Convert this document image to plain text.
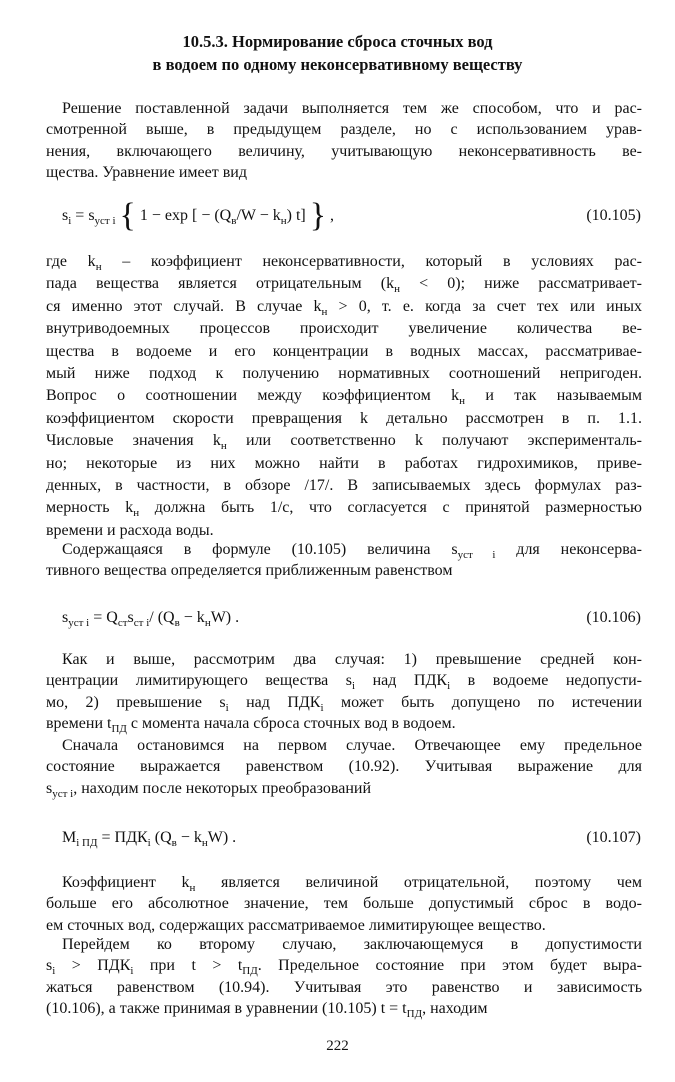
10.5.3. Нормирование сброса сточных вод
в водоем по одному неконсервативному веществу
Решение поставленной задачи выполняется тем же способом, что и рас-
смотренной выше, в предыдущем разделе, но с использованием урав-
нения, включающего величину, учитывающую неконсервативность ве-
щества. Уравнение имеет вид
$s_i = s_{уст i}$ { 1 − exp [ − $(Q_в/W - k_н)$ t] } ,	(10.105)
где $k_н$ – коэффициент неконсервативности, который в условиях рас-
пада вещества является отрицательным $(k_н < 0)$; ниже рассматривает-
ся именно этот случай. В случае $k_н > 0$, т. е. когда за счет тех или иных
внутриводоемных процессов происходит увеличение количества ве-
щества в водоеме и его концентрации в водных массах, рассматривае-
мый ниже подход к получению нормативных соотношений непригоден.
Вопрос о соотношении между коэффициентом $k_н$ и так называемым
коэффициентом скорости превращения k детально рассмотрен в п. 1.1.
Числовые значения $k_н$ или соответственно k получают эксперименталь-
но; некоторые из них можно найти в работах гидрохимиков, приве-
денных, в частности, в обзоре /17/. В записываемых здесь формулах раз-
мерность $k_н$ должна быть 1/с, что согласуется с принятой размерностью
времени и расхода воды.
Содержащаяся в формуле (10.105) величина $s_{уст i}$ для неконсерва-
тивного вещества определяется приближенным равенством
$s_{уст i} = Q_{ст}s_{ст i}/$ $(Q_в - k_нW)$ .	(10.106)
Как и выше, рассмотрим два случая: 1) превышение средней кон-
центрации лимитирующего вещества $s_i$ над $ПДК_i$ в водоеме недопусти-
мо, 2) превышение $s_i$ над $ПДК_i$ может быть допущено по истечении
времени $t_{ПД}$ с момента начала сброса сточных вод в водоем.
Сначала остановимся на первом случае. Отвечающее ему предельное
состояние выражается равенством (10.92). Учитывая выражение для
$s_{уст i}$, находим после некоторых преобразований
$M_{i ПД} = ПДК_i$ $(Q_в - k_нW)$ .	(10.107)
Коэффициент $k_н$ является величиной отрицательной, поэтому чем
больше его абсолютное значение, тем больше допустимый сброс в водо-
ем сточных вод, содержащих рассматриваемое лимитирующее вещество.
Перейдем ко второму случаю, заключающемуся в допустимости
$s_i > ПДК_i$ при $t > t_{ПД}$. Предельное состояние при этом будет выра-
жаться равенством (10.94). Учитывая это равенство и зависимость
(10.106), а также принимая в уравнении (10.105) $t = t_{ПД}$, находим
222
